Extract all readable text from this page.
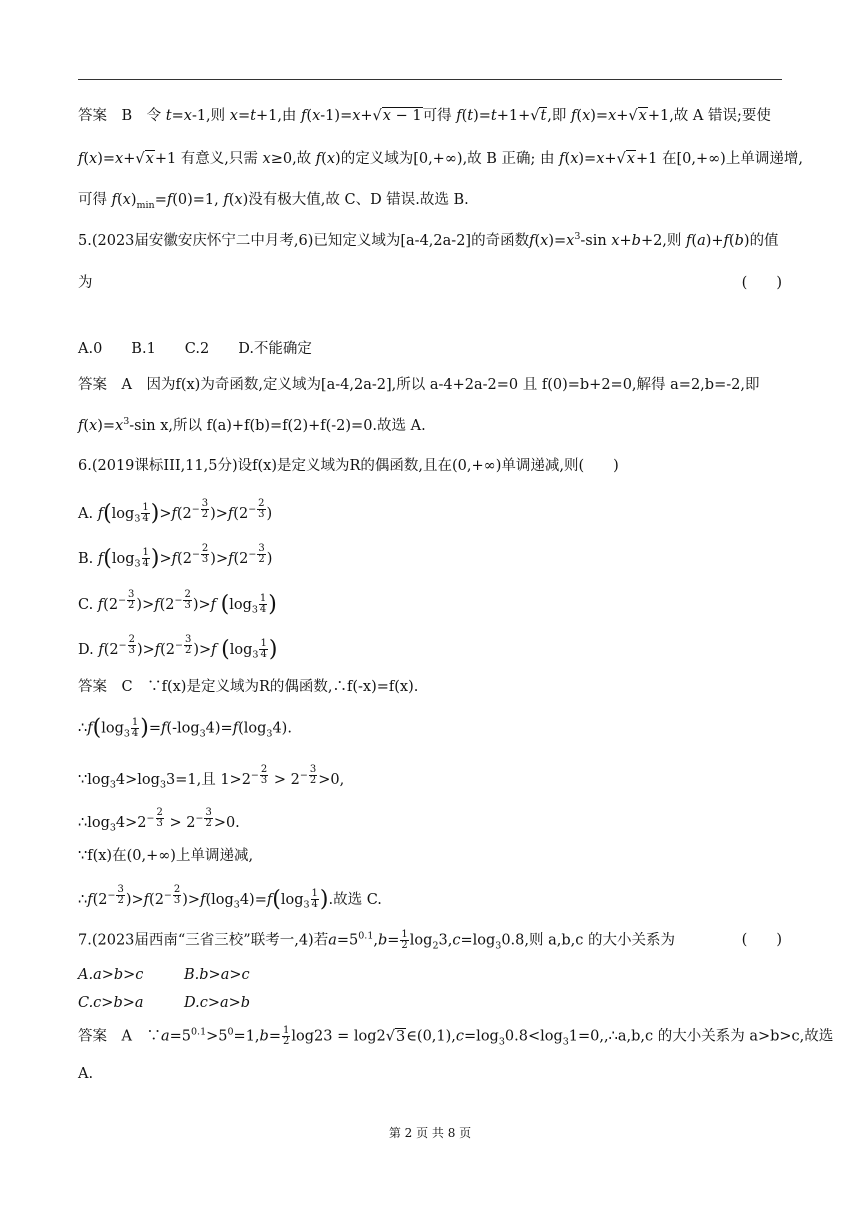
答案　B　令 t=x-1,则 x=t+1,由 f(x-1)=x+√x − 1可得 f(t)=t+1+√t,即 f(x)=x+√x+1,故 A 错误;要使
f(x)=x+√x+1 有意义,只需 x≥0,故 f(x)的定义域为[0,+∞),故 B 正确; 由 f(x)=x+√x+1 在[0,+∞)上单调递增,
可得 $f(x)_{min}=f(0)=1$, f(x)没有极大值,故 C、D 错误.故选 B.
5.(2023届安徽安庆怀宁二中月考,6)已知定义域为[a-4,2a-2]的奇函数$f(x)=x^3-\sin$ x+b+2,则 f(a)+f(b)的值
为	(　　)
A.0　　B.1　　C.2　　D.不能确定
答案　A　因为f(x)为奇函数,定义域为[a-4,2a-2],所以 a-4+2a-2=0 且 f(0)=b+2=0,解得 a=2,b=-2,即
$f(x)=x^3-\sin$ x,所以 f(a)+f(b)=f(2)+f(-2)=0.故选 A.
6.(2019课标III,11,5分)设f(x)是定义域为R的偶函数,且在(0,+∞)单调递减,则(　　)
A. $f(\log_3 \frac{1}{4} )>f(2^{- \frac{3}{2}}$ )$>f(2^{- \frac{2}{3}}$ )
B. $f(\log_3 \frac{1}{4} )>f(2^{- \frac{2}{3}}$ )$>f(2^{- \frac{3}{2}}$ )
C. $f(2^{- \frac{3}{2}}$ )$>f(2^{- \frac{2}{3}}$ )>f ($\log_3 \frac{1}{4}$ )
D. $f(2^{- \frac{2}{3}}$ )$>f(2^{- \frac{3}{2}}$ )>f ($\log_3 \frac{1}{4}$ )
答案　C　∵f(x)是定义域为R的偶函数,∴f(-x)=f(x).
$\therefore f(\log_3 \frac{1}{4} )=f(-\log_34)=f(\log_34)$.
$\because\log_34>\log_33=1$,且 $1>2^{- \frac{2}{3}} > 2^{- \frac{3}{2}} >0$,
$\therefore\log_34>2^{- \frac{2}{3}} > 2^{- \frac{3}{2}} >0$.
∵f(x)在(0,+∞)上单调递减,
$\therefore f(2^{- \frac{3}{2}}$ )$>f(2^{- \frac{2}{3}}$ )$>f(\log_34)=f(\log_3 \frac{1}{4}$ ).故选 C.
7.(2023届西南“三省三校”联考一,4)若$a=5^{0.1},b= \frac{1}{2} \log_23,c=\log_30.8$,则 a,b,c 的大小关系为	(　　)
A.a>b>c	B.b>a>c
C.c>b>a	D.c>a>b
答案　A　$\because a=5^{0.1}>5^0=1,b= \frac{1}{2} \log 23$ = $\log 2√3\in(0,1),c=\log_30.8<\log_31=0,,\therefore a,b,c$ 的大小关系为 a>b>c,故选
A.
第 2 页 共 8 页
